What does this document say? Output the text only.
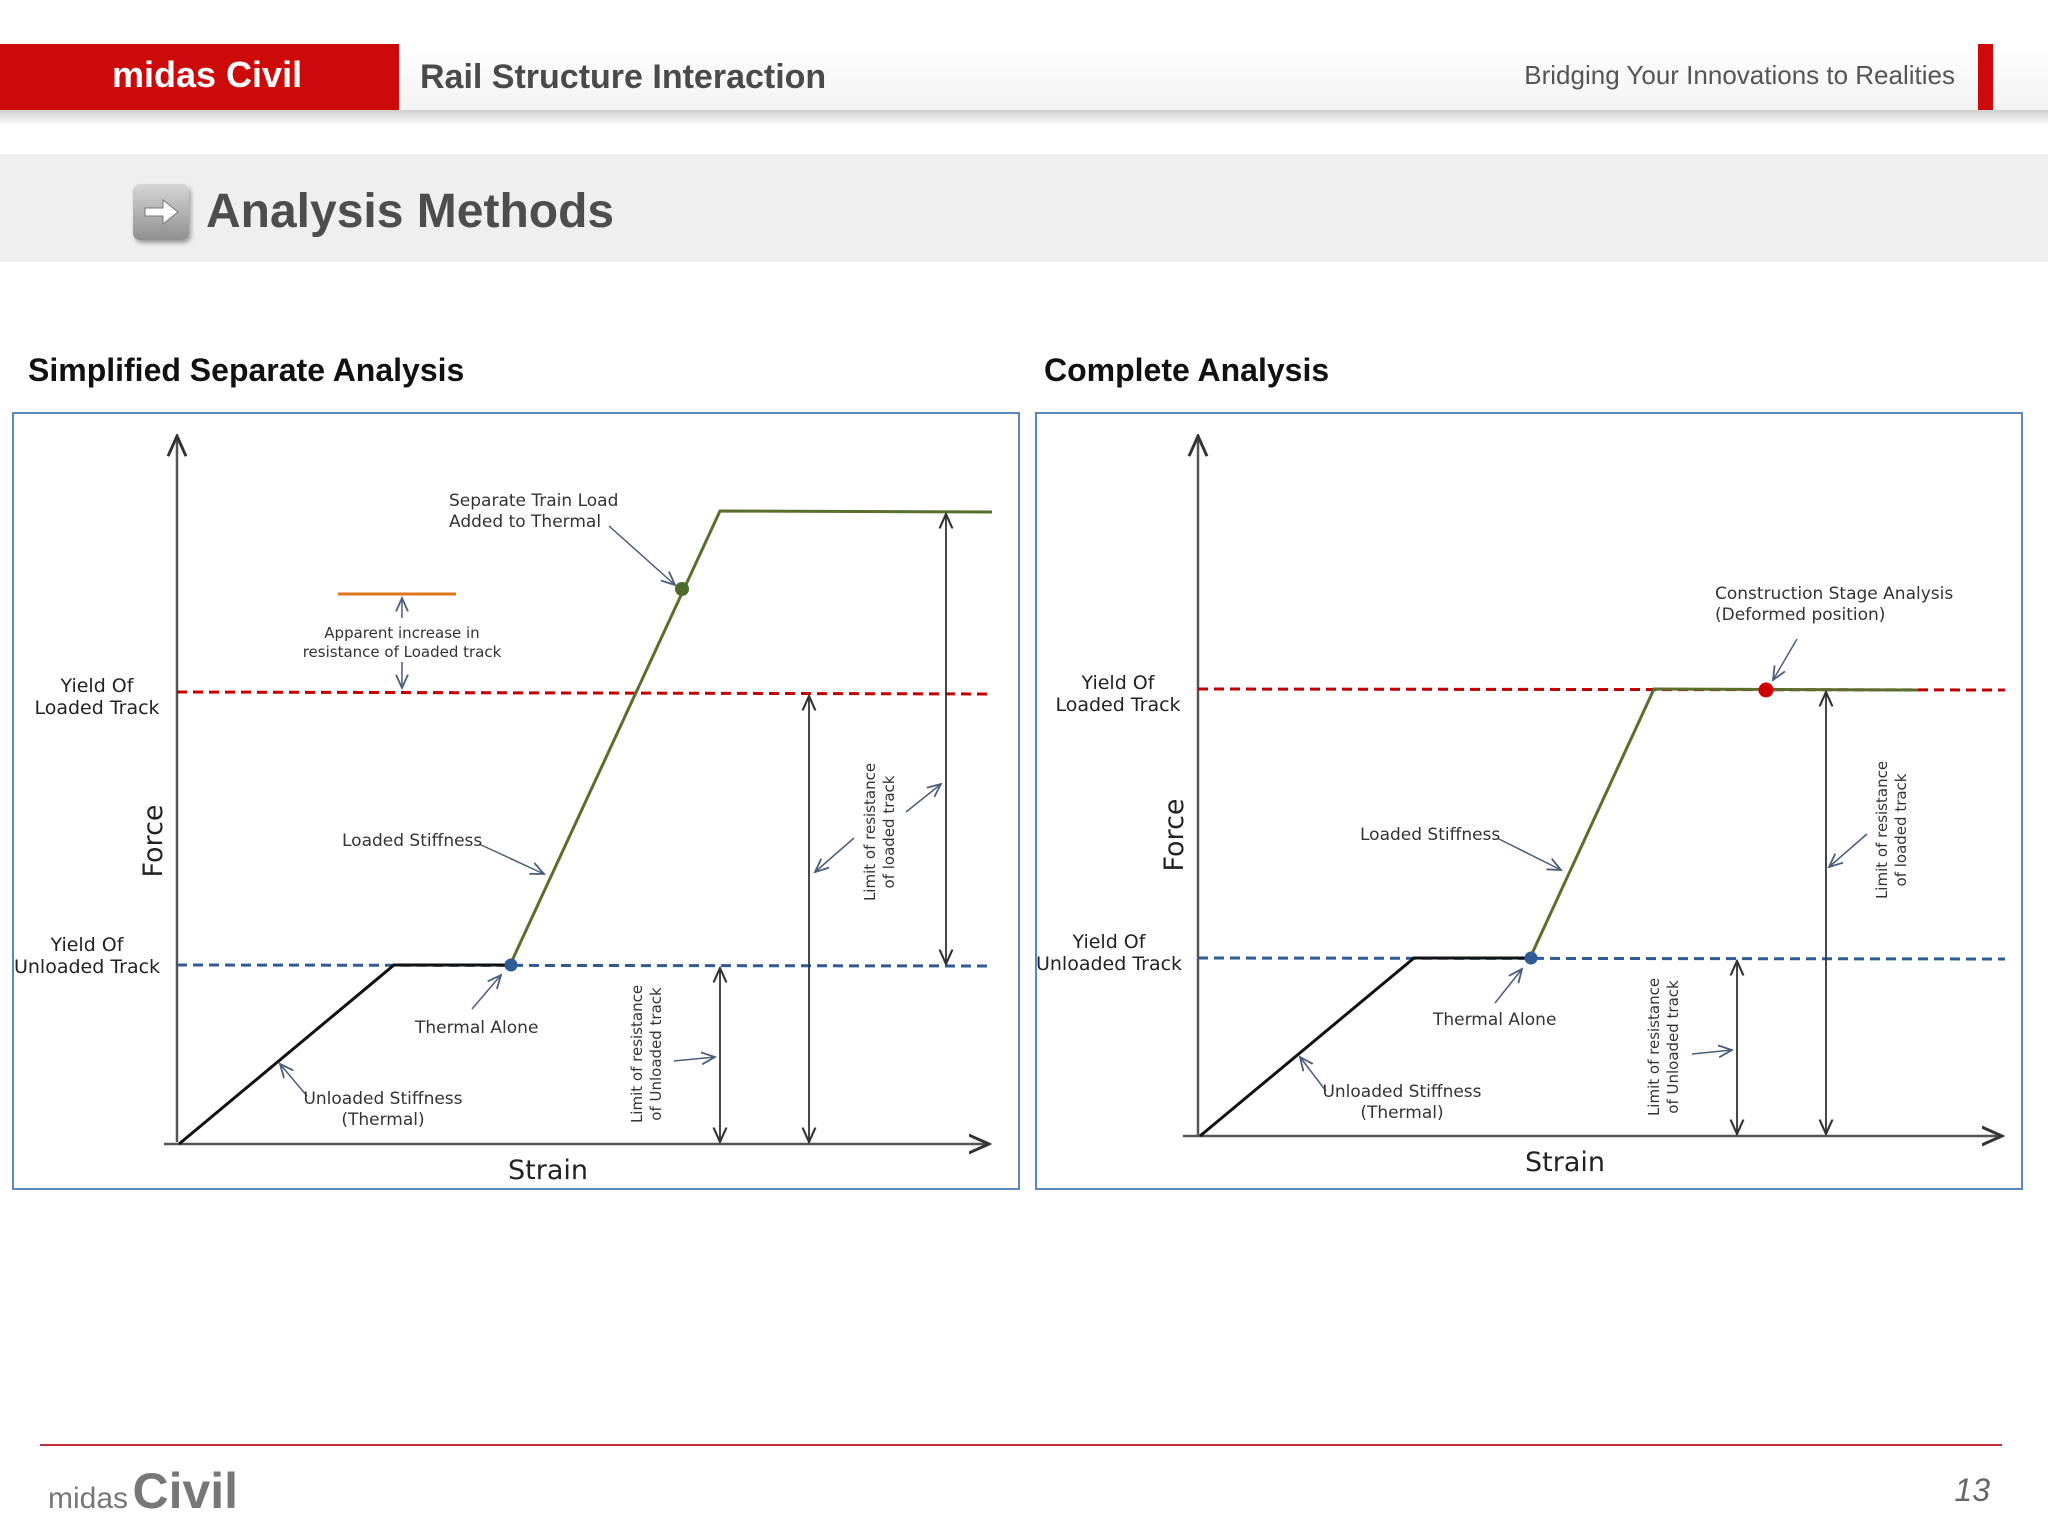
midas Civil	Rail Structure Interaction	Bridging Your Innovations to Realities
Analysis Methods
Simplified Separate Analysis	Complete Analysis
Force
Strain
Yield Of
Loaded Track
Yield Of
Unloaded Track
Separate Train Load
Added to Thermal
Apparent increase in
resistance of Loaded track
Loaded Stiffness
Thermal Alone
Unloaded Stiffness
(Thermal)	Limit of resistance of Unloaded track
Limit of resistance of loaded track	Force
Strain
Yield Of
Loaded Track
Yield Of
Unloaded Track
Construction Stage Analysis
(Deformed position)
Loaded Stiffness
Thermal Alone
Unloaded Stiffness
(Thermal)	Limit of resistance of Unloaded track
Limit of resistance of loaded track
midas Civil	13
